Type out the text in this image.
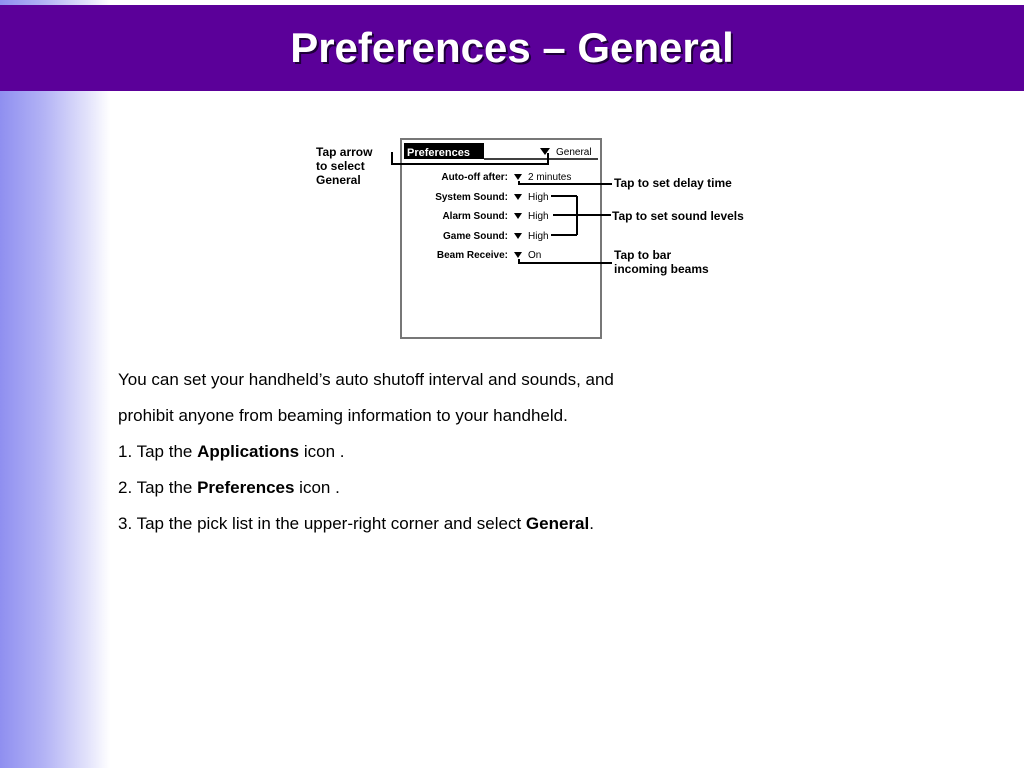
Preferences – General
Preferences	General
Auto-off after: 2 minutes
System Sound: High
Alarm Sound: High
Game Sound: High
Beam Receive: On
Tap arrow
to select
General	Tap to set delay time
Tap to set sound levels
Tap to bar
incoming beams

You can set your handheld’s auto shutoff interval and sounds, and

prohibit anyone from beaming information to your handheld.

1. Tap the Applications icon .

2. Tap the Preferences icon .

3. Tap the pick list in the upper-right corner and select General.
